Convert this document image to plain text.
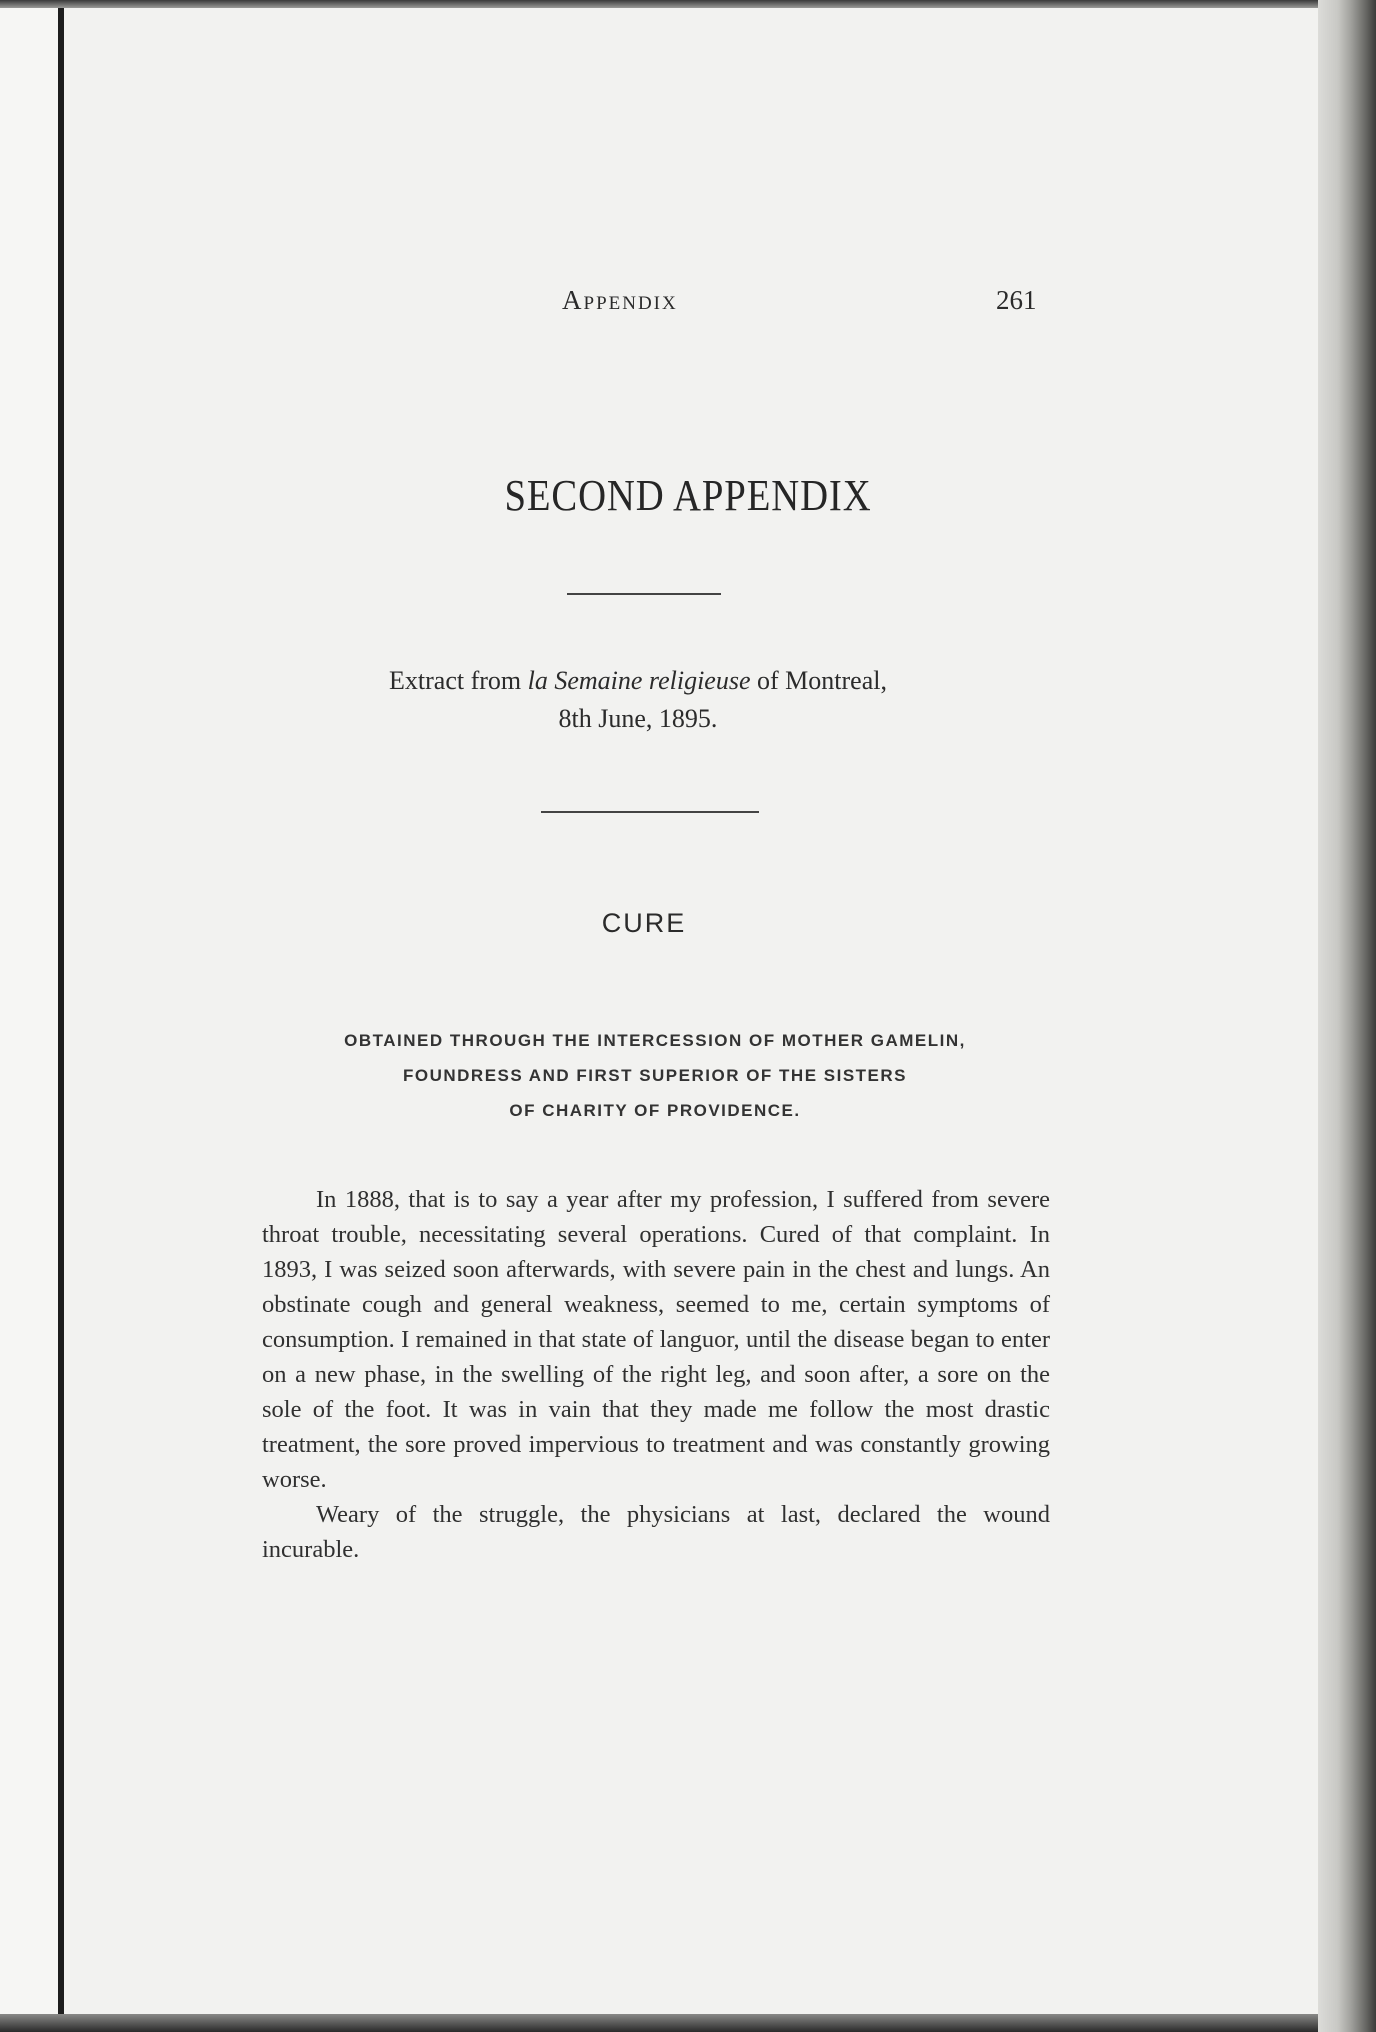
Appendix	261
SECOND APPENDIX
Extract from la Semaine religieuse of Montreal,
8th June, 1895.
CURE
OBTAINED THROUGH THE INTERCESSION OF MOTHER GAMELIN,
FOUNDRESS AND FIRST SUPERIOR OF THE SISTERS
OF CHARITY OF PROVIDENCE.

In 1888, that is to say a year after my profession, I suffered from severe throat trouble, necessitating several operations. Cured of that complaint. In 1893, I was seized soon afterwards, with severe pain in the chest and lungs. An obstinate cough and general weakness, seemed to me, certain symptoms of consumption. I remained in that state of languor, until the disease began to enter on a new phase, in the swelling of the right leg, and soon after, a sore on the sole of the foot. It was in vain that they made me follow the most drastic treatment, the sore proved impervious to treatment and was constantly growing worse.

Weary of the struggle, the physicians at last, declared the wound incurable.
